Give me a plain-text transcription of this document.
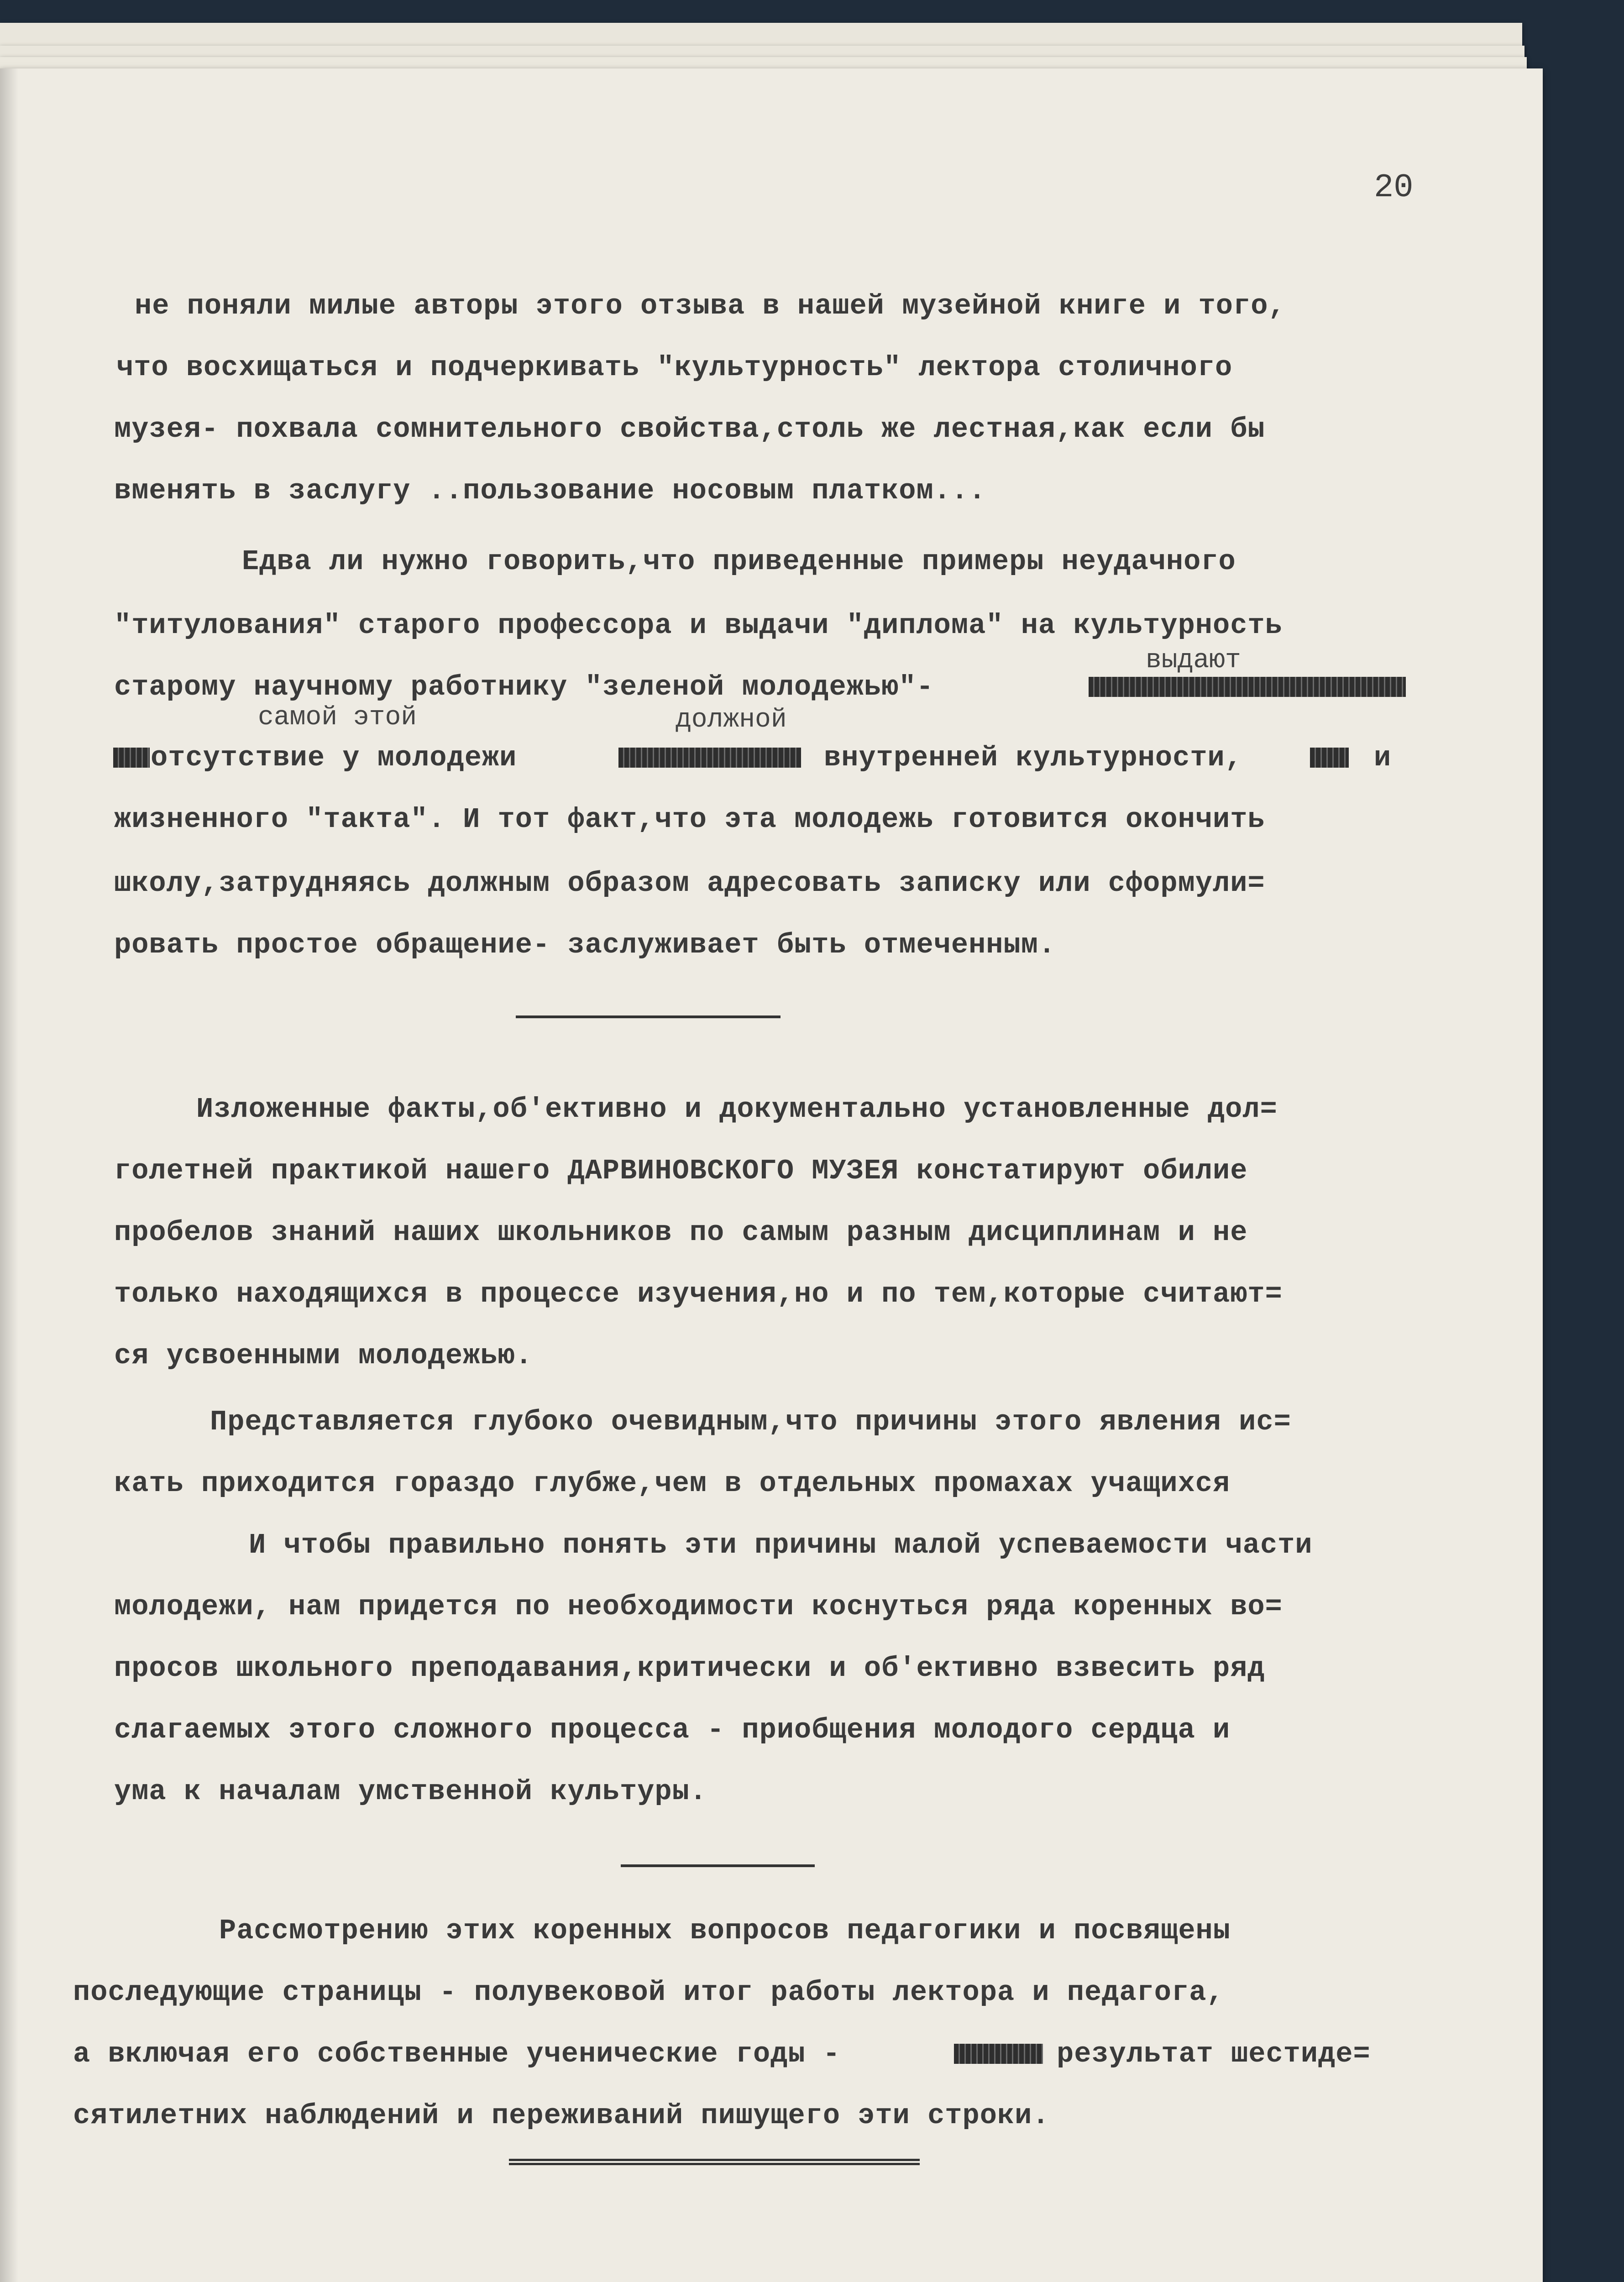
20
не поняли милые авторы этого отзыва в нашей музейной книге и того,
что восхищаться и подчеркивать "культурность" лектора столичного
музея- похвала сомнительного свойства,столь же лестная,как если бы
вменять в заслугу ..пользование носовым платком...
Едва ли нужно говорить,что приведенные примеры неудачного
"титулования" старого профессора и выдачи "диплома" на культурность
выдают
старому научному работнику "зеленой молодежью"-
самой этой	должной
отсутствие у молодежи	внутренней культурности,	и
жизненного "такта". И тот факт,что эта молодежь готовится окончить
школу,затрудняясь должным образом адресовать записку или сформули=
ровать простое обращение- заслуживает быть отмеченным.
Изложенные факты,об'ективно и документально установленные дол=
голетней практикой нашего ДАРВИНОВСКОГО МУЗЕЯ констатируют обилие
пробелов знаний наших школьников по самым разным дисциплинам и не
только находящихся в процессе изучения,но и по тем,которые считают=
ся усвоенными молодежью.
Представляется глубоко очевидным,что причины этого явления ис=
кать приходится гораздо глубже,чем в отдельных промахах учащихся
И чтобы правильно понять эти причины малой успеваемости части
молодежи, нам придется по необходимости коснуться ряда коренных во=
просов школьного преподавания,критически и об'ективно взвесить ряд
слагаемых этого сложного процесса - приобщения молодого сердца и
ума к началам умственной культуры.
Рассмотрению этих коренных вопросов педагогики и посвящены
последующие страницы - полувековой итог работы лектора и педагога,
а включая его собственные ученические годы -	результат шестиде=
сятилетних наблюдений и переживаний пишущего эти строки.
